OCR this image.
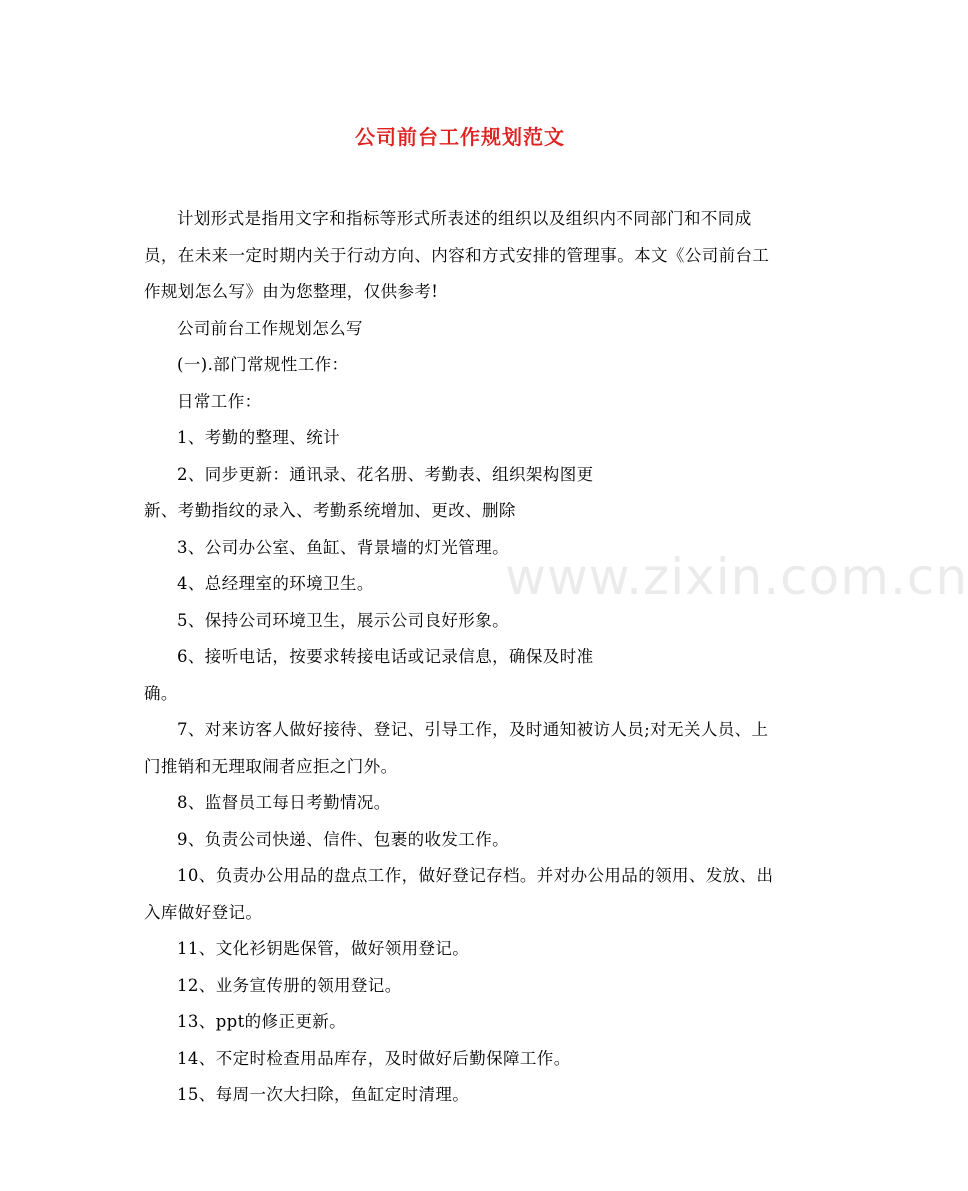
公司前台工作规划范文

计划形式是指用文字和指标等形式所表述的组织以及组织内不同部门和不同成员，在未来一定时期内关于行动方向、内容和方式安排的管理事。本文《公司前台工作规划怎么写》由为您整理，仅供参考!

公司前台工作规划怎么写

(一).部门常规性工作：

日常工作：

1、考勤的整理、统计

2、同步更新：通讯录、花名册、考勤表、组织架构图更

新、考勤指纹的录入、考勤系统增加、更改、删除

3、公司办公室、鱼缸、背景墙的灯光管理。

4、总经理室的环境卫生。

5、保持公司环境卫生，展示公司良好形象。

6、接听电话，按要求转接电话或记录信息，确保及时准

确。

7、对来访客人做好接待、登记、引导工作，及时通知被访人员;对无关人员、上门推销和无理取闹者应拒之门外。

8、监督员工每日考勤情况。

9、负责公司快递、信件、包裹的收发工作。

10、负责办公用品的盘点工作，做好登记存档。并对办公用品的领用、发放、出入库做好登记。

11、文化衫钥匙保管，做好领用登记。

12、业务宣传册的领用登记。

13、ppt的修正更新。

14、不定时检查用品库存，及时做好后勤保障工作。

15、每周一次大扫除，鱼缸定时清理。

www.zixin.com.cn
